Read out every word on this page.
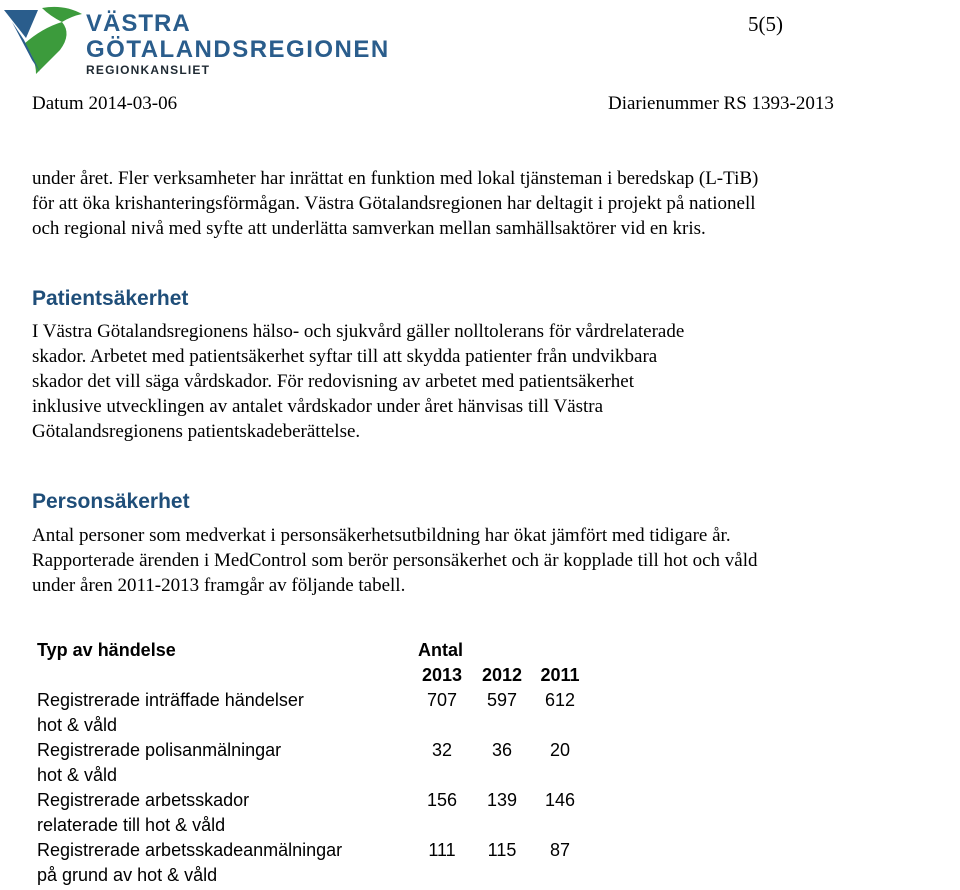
VÄSTRA
GÖTALANDSREGIONEN
REGIONKANSLIET
5(5)
Datum 2014-03-06	Diarienummer RS 1393-2013

under året. Fler verksamheter har inrättat en funktion med lokal tjänsteman i beredskap (L-TiB)
för att öka krishanteringsförmågan. Västra Götalandsregionen har deltagit i projekt på nationell
och regional nivå med syfte att underlätta samverkan mellan samhällsaktörer vid en kris.

Patientsäkerhet

I Västra Götalandsregionens hälso- och sjukvård gäller nolltolerans för vårdrelaterade
skador. Arbetet med patientsäkerhet syftar till att skydda patienter från undvikbara
skador det vill säga vårdskador. För redovisning av arbetet med patientsäkerhet
inklusive utvecklingen av antalet vårdskador under året hänvisas till Västra
Götalandsregionens patientskadeberättelse.

Personsäkerhet

Antal personer som medverkat i personsäkerhetsutbildning har ökat jämfört med tidigare år.
Rapporterade ärenden i MedControl som berör personsäkerhet och är kopplade till hot och våld
under åren 2011-2013 framgår av följande tabell.

Typ av händelse	Antal
2013 2012	2011
Registrerade inträffade händelser
hot & våld
707	597	612
Registrerade polisanmälningar
hot & våld
32	36	20
Registrerade arbetsskador
relaterade till hot & våld
156	139	146
Registrerade arbetsskadeanmälningar
på grund av hot & våld
111	115	87
